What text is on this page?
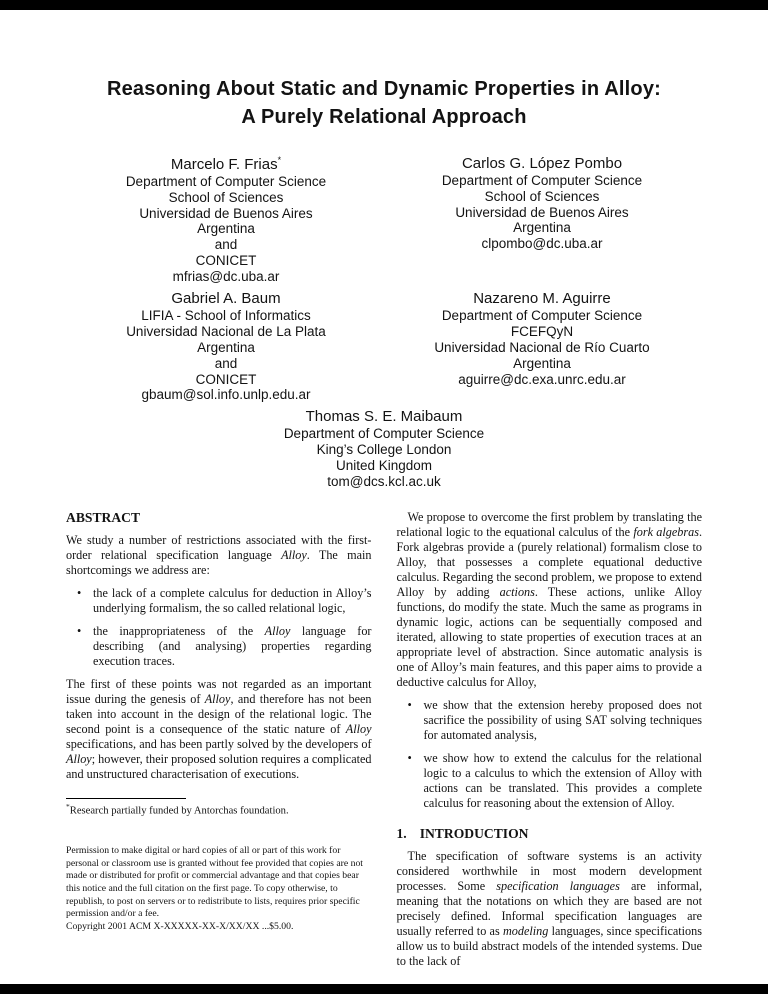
Reasoning About Static and Dynamic Properties in Alloy:
A Purely Relational Approach
Marcelo F. Frias*
Department of Computer Science
School of Sciences
Universidad de Buenos Aires
Argentina
and
CONICET
mfrias@dc.uba.ar
Carlos G. López Pombo
Department of Computer Science
School of Sciences
Universidad de Buenos Aires
Argentina
clpombo@dc.uba.ar
Gabriel A. Baum
LIFIA - School of Informatics
Universidad Nacional de La Plata
Argentina
and
CONICET
gbaum@sol.info.unlp.edu.ar
Nazareno M. Aguirre
Department of Computer Science
FCEFQyN
Universidad Nacional de Río Cuarto
Argentina
aguirre@dc.exa.unrc.edu.ar
Thomas S. E. Maibaum
Department of Computer Science
King’s College London
United Kingdom
tom@dcs.kcl.ac.uk
ABSTRACT

We study a number of restrictions associated with the first-order relational specification language Alloy. The main shortcomings we address are:

• the lack of a complete calculus for deduction in Alloy’s underlying formalism, the so called relational logic,
• the inappropriateness of the Alloy language for describing (and analysing) properties regarding execution traces.

The first of these points was not regarded as an important issue during the genesis of Alloy, and therefore has not been taken into account in the design of the relational logic. The second point is a consequence of the static nature of Alloy specifications, and has been partly solved by the developers of Alloy; however, their proposed solution requires a complicated and unstructured characterisation of executions.

*Research partially funded by Antorchas foundation.

Permission to make digital or hard copies of all or part of this work for personal or classroom use is granted without fee provided that copies are not made or distributed for profit or commercial advantage and that copies bear this notice and the full citation on the first page. To copy otherwise, to republish, to post on servers or to redistribute to lists, requires prior specific permission and/or a fee.

Copyright 2001 ACM X-XXXXX-XX-X/XX/XX ...$5.00.

We propose to overcome the first problem by translating the relational logic to the equational calculus of the fork algebras. Fork algebras provide a (purely relational) formalism close to Alloy, that possesses a complete equational deductive calculus. Regarding the second problem, we propose to extend Alloy by adding actions. These actions, unlike Alloy functions, do modify the state. Much the same as programs in dynamic logic, actions can be sequentially composed and iterated, allowing to state properties of execution traces at an appropriate level of abstraction. Since automatic analysis is one of Alloy’s main features, and this paper aims to provide a deductive calculus for Alloy,

• we show that the extension hereby proposed does not sacrifice the possibility of using SAT solving techniques for automated analysis,
• we show how to extend the calculus for the relational logic to a calculus to which the extension of Alloy with actions can be translated. This provides a complete calculus for reasoning about the extension of Alloy.
1. INTRODUCTION

The specification of software systems is an activity considered worthwhile in most modern development processes. Some specification languages are informal, meaning that the notations on which they are based are not precisely defined. Informal specification languages are usually referred to as modeling languages, since specifications allow us to build abstract models of the intended systems. Due to the lack of
